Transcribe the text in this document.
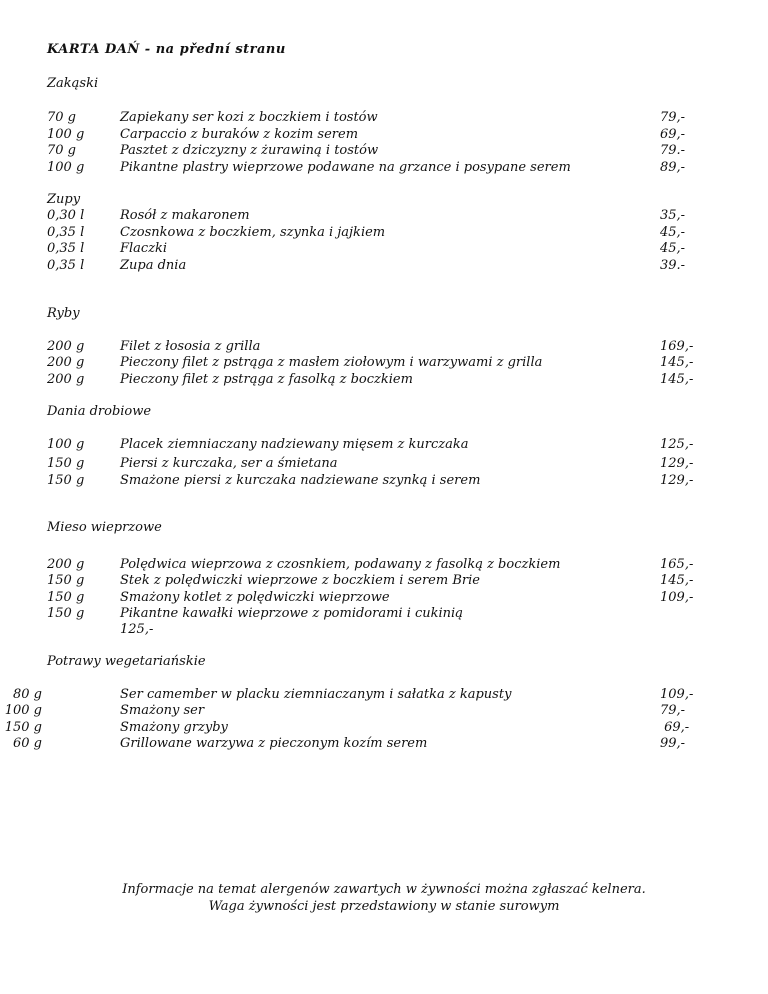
KARTA DAŃ - na přední stranu
Zakąski
70 g	Zapiekany ser kozi z boczkiem i tostów	79,-
100 g	Carpaccio z buraków z kozim serem	69,-
70 g	Pasztet z dziczyzny z żurawiną i tostów	79.-
100 g	Pikantne plastry wieprzowe podawane na grzance i posypane serem	89,-
Zupy
0,30 l	Rosół z makaronem	35,-
0,35 l	Czosnkowa z boczkiem, szynka i jajkiem	45,-
0,35 l	Flaczki	45,-
0,35 l	Zupa dnia	39.-
Ryby
200 g	Filet z łososia z grilla	169,-
200 g	Pieczony filet z pstrąga z masłem ziołowym i warzywami z grilla	145,-
200 g	Pieczony filet z pstrąga z fasolką z boczkiem	145,-
Dania drobiowe
100 g	Placek ziemniaczany nadziewany mięsem z kurczaka	125,-
150 g	Piersi z kurczaka, ser a śmietana	129,-
150 g	Smażone piersi z kurczaka nadziewane szynką i serem	129,-
Mieso wieprzowe
200 g	Polędwica wieprzowa z czosnkiem, podawany z fasolką z boczkiem	165,-
150 g	Stek z polędwiczki wieprzowe z boczkiem i serem Brie	145,-
150 g	Smażony kotlet z polędwiczki wieprzowe	109,-
150 g	Pikantne kawałki wieprzowe z pomidorami i cukinią
125,-
Potrawy wegetariańskie
80 g	Ser camember w placku ziemniaczanym i sałatka z kapusty	109,-
100 g	Smażony ser	79,-
150 g	Smażony grzyby	69,-
60 g	Grillowane warzywa z pieczonym kozím serem	99,-
Informacje na temat alergenów zawartych w żywności można zgłaszać kelnera.
Waga żywności jest przedstawiony w stanie surowym
